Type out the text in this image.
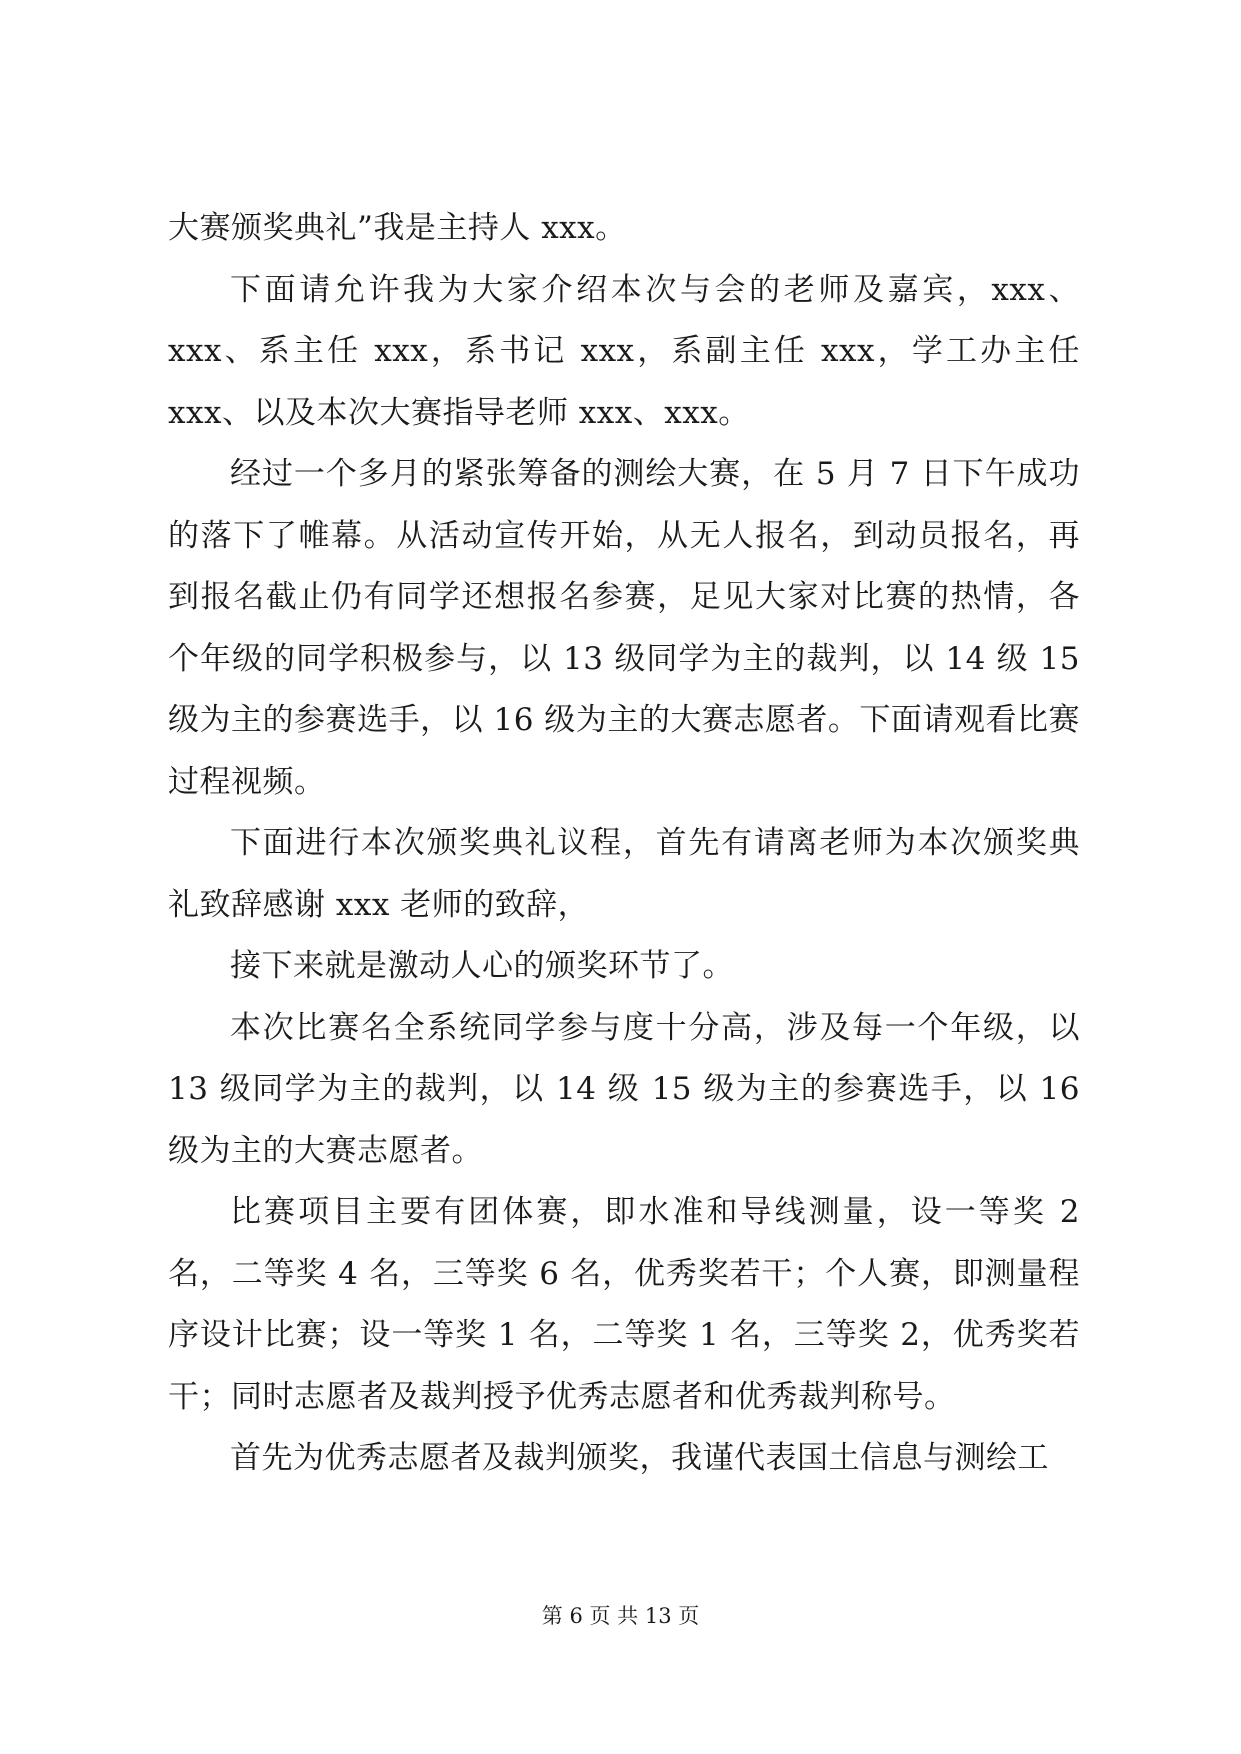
大赛颁奖典礼”我是主持人 xxx。

下面请允许我为大家介绍本次与会的老师及嘉宾，xxx、xxx、系主任 xxx，系书记 xxx，系副主任 xxx，学工办主任 xxx、以及本次大赛指导老师 xxx、xxx。

经过一个多月的紧张筹备的测绘大赛，在 5 月 7 日下午成功的落下了帷幕。从活动宣传开始，从无人报名，到动员报名，再到报名截止仍有同学还想报名参赛，足见大家对比赛的热情，各个年级的同学积极参与，以 13 级同学为主的裁判，以 14 级 15 级为主的参赛选手，以 16 级为主的大赛志愿者。下面请观看比赛过程视频。

下面进行本次颁奖典礼议程，首先有请离老师为本次颁奖典礼致辞感谢 xxx 老师的致辞，

接下来就是激动人心的颁奖环节了。

本次比赛名全系统同学参与度十分高，涉及每一个年级，以 13 级同学为主的裁判，以 14 级 15 级为主的参赛选手，以 16 级为主的大赛志愿者。

比赛项目主要有团体赛，即水准和导线测量，设一等奖 2 名，二等奖 4 名，三等奖 6 名，优秀奖若干；个人赛，即测量程序设计比赛；设一等奖 1 名，二等奖 1 名，三等奖 2，优秀奖若干；同时志愿者及裁判授予优秀志愿者和优秀裁判称号。

首先为优秀志愿者及裁判颁奖，我谨代表国土信息与测绘工

第 6 页 共 13 页
